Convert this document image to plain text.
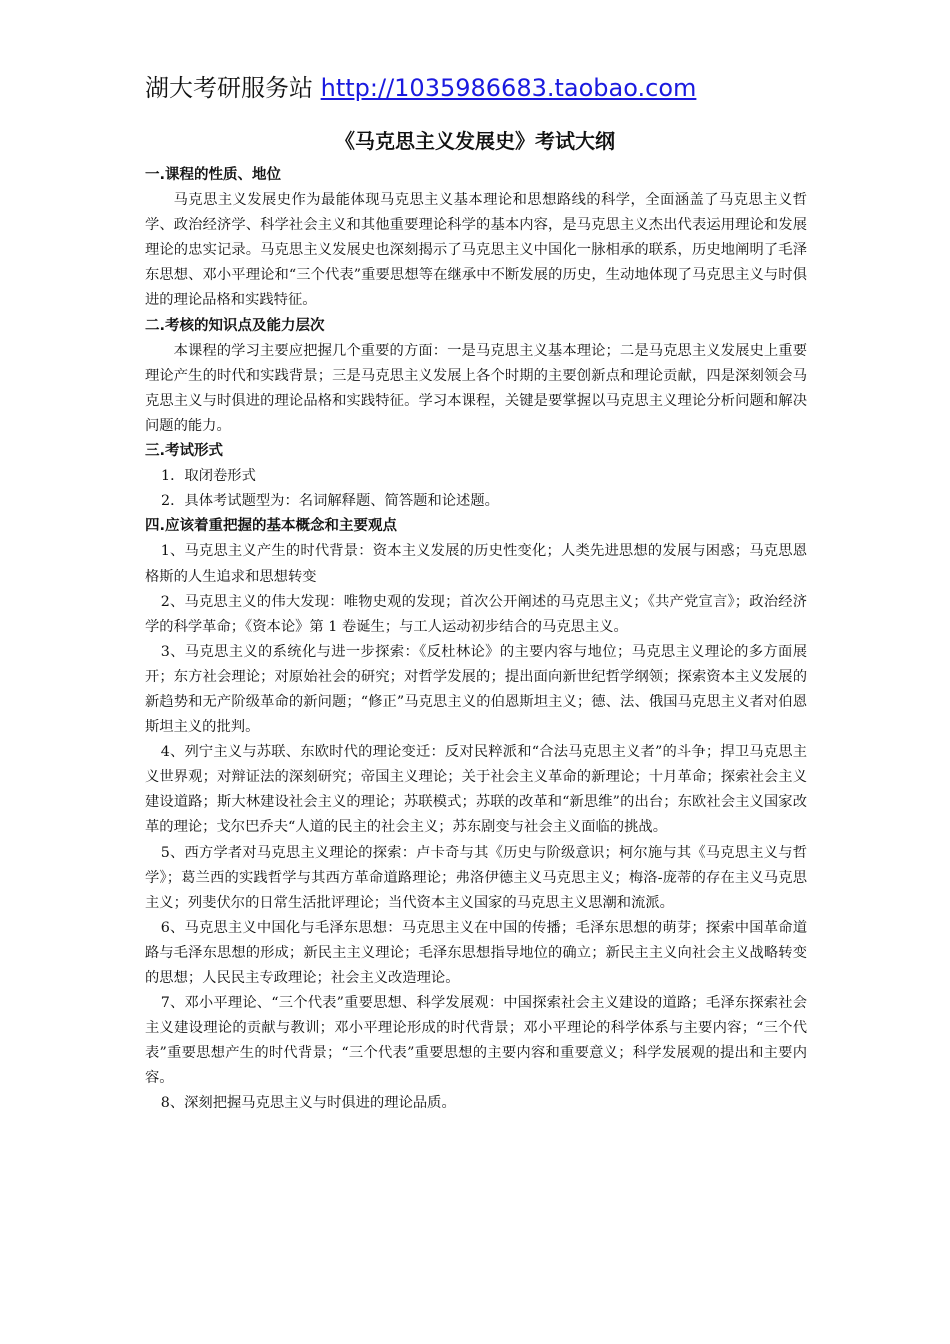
湖大考研服务站 http://1035986683.taobao.com
《马克思主义发展史》考试大纲
一.课程的性质、地位
马克思主义发展史作为最能体现马克思主义基本理论和思想路线的科学，全面涵盖了马克思主义哲学、政治经济学、科学社会主义和其他重要理论科学的基本内容，是马克思主义杰出代表运用理论和发展理论的忠实记录。马克思主义发展史也深刻揭示了马克思主义中国化一脉相承的联系，历史地阐明了毛泽东思想、邓小平理论和“三个代表”重要思想等在继承中不断发展的历史，生动地体现了马克思主义与时俱进的理论品格和实践特征。
二.考核的知识点及能力层次
本课程的学习主要应把握几个重要的方面：一是马克思主义基本理论；二是马克思主义发展史上重要理论产生的时代和实践背景；三是马克思主义发展上各个时期的主要创新点和理论贡献，四是深刻领会马克思主义与时俱进的理论品格和实践特征。学习本课程，关键是要掌握以马克思主义理论分析问题和解决问题的能力。
三.考试形式
1．取闭卷形式
2．具体考试题型为：名词解释题、简答题和论述题。
四.应该着重把握的基本概念和主要观点
1、马克思主义产生的时代背景：资本主义发展的历史性变化；人类先进思想的发展与困惑；马克思恩格斯的人生追求和思想转变
2、马克思主义的伟大发现：唯物史观的发现；首次公开阐述的马克思主义；《共产党宣言》；政治经济学的科学革命；《资本论》第 1 卷诞生；与工人运动初步结合的马克思主义。
3、马克思主义的系统化与进一步探索：《反杜林论》的主要内容与地位；马克思主义理论的多方面展开；东方社会理论；对原始社会的研究；对哲学发展的；提出面向新世纪哲学纲领；探索资本主义发展的新趋势和无产阶级革命的新问题；“修正”马克思主义的伯恩斯坦主义；德、法、俄国马克思主义者对伯恩斯坦主义的批判。
4、列宁主义与苏联、东欧时代的理论变迁：反对民粹派和“合法马克思主义者”的斗争；捍卫马克思主义世界观；对辩证法的深刻研究；帝国主义理论；关于社会主义革命的新理论；十月革命；探索社会主义建设道路；斯大林建设社会主义的理论；苏联模式；苏联的改革和“新思维”的出台；东欧社会主义国家改革的理论；戈尔巴乔夫“人道的民主的社会主义；苏东剧变与社会主义面临的挑战。
5、西方学者对马克思主义理论的探索：卢卡奇与其《历史与阶级意识；柯尔施与其《马克思主义与哲学》；葛兰西的实践哲学与其西方革命道路理论；弗洛伊德主义马克思主义；梅洛-庞蒂的存在主义马克思主义；列斐伏尔的日常生活批评理论；当代资本主义国家的马克思主义思潮和流派。
6、马克思主义中国化与毛泽东思想：马克思主义在中国的传播；毛泽东思想的萌芽；探索中国革命道路与毛泽东思想的形成；新民主主义理论；毛泽东思想指导地位的确立；新民主主义向社会主义战略转变的思想；人民民主专政理论；社会主义改造理论。
7、邓小平理论、“三个代表”重要思想、科学发展观：中国探索社会主义建设的道路；毛泽东探索社会主义建设理论的贡献与教训；邓小平理论形成的时代背景；邓小平理论的科学体系与主要内容；“三个代表”重要思想产生的时代背景；“三个代表”重要思想的主要内容和重要意义；科学发展观的提出和主要内容。
8、深刻把握马克思主义与时俱进的理论品质。
